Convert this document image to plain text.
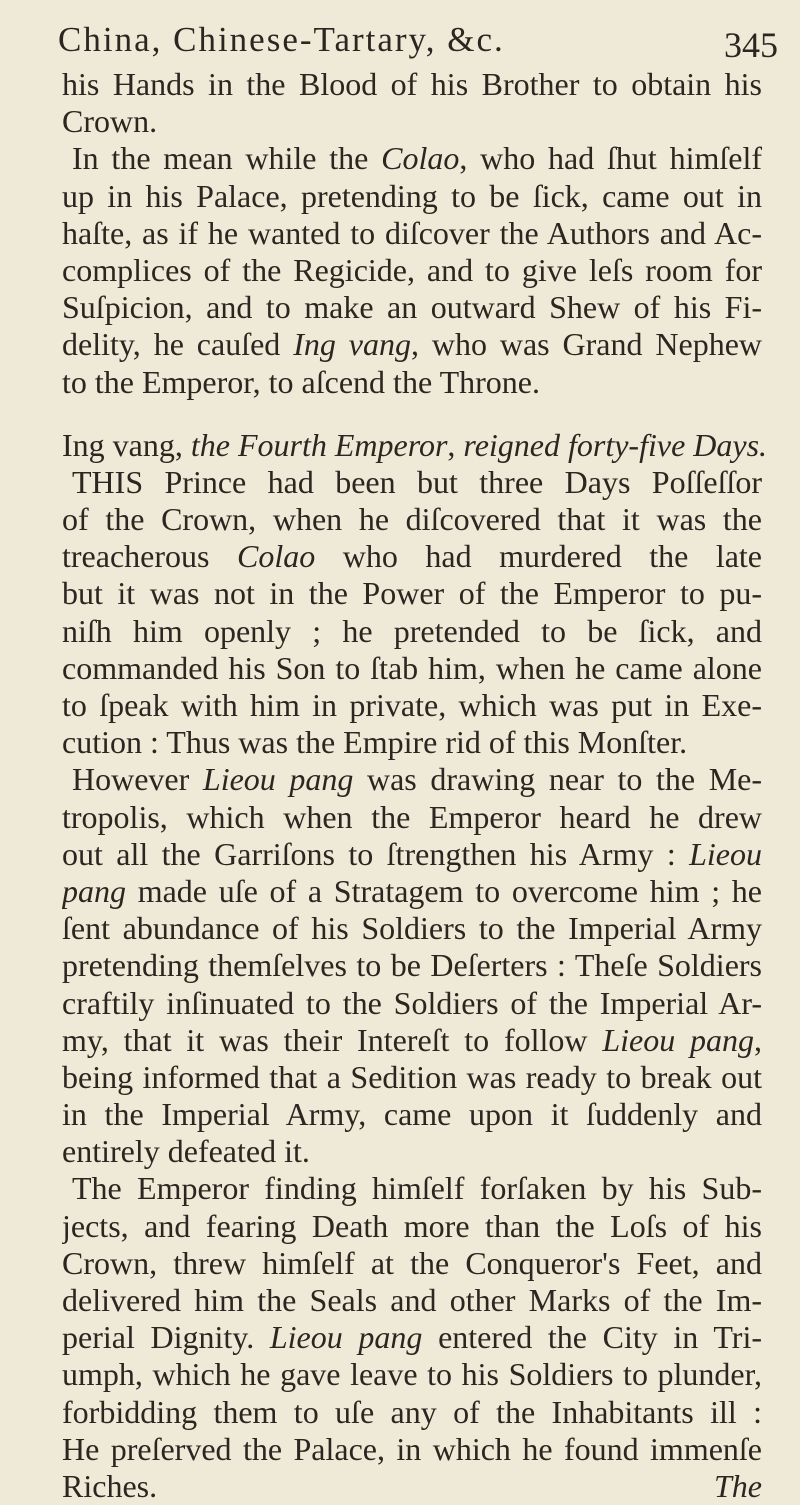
China, Chinese-Tartary, &c.	345
his Hands in the Blood of his Brother to obtain his
Crown.
In the mean while the Colao, who had ſhut himſelf
up in his Palace, pretending to be ſick, came out in
haſte, as if he wanted to diſcover the Authors and Ac-
complices of the Regicide, and to give leſs room for
Suſpicion, and to make an outward Shew of his Fi-
delity, he cauſed Ing vang, who was Grand Nephew
to the Emperor, to aſcend the Throne.
Ing vang, the Fourth Emperor, reigned forty-five Days.
THIS Prince had been but three Days Poſſeſſor
of the Crown, when he diſcovered that it was the
treacherous Colao who had murdered the late
but it was not in the Power of the Emperor to pu-
niſh him openly ; he pretended to be ſick, and
commanded his Son to ſtab him, when he came alone
to ſpeak with him in private, which was put in Exe-
cution : Thus was the Empire rid of this Monſter.
However Lieou pang was drawing near to the Me-
tropolis, which when the Emperor heard he drew
out all the Garriſons to ſtrengthen his Army : Lieou
pang made uſe of a Stratagem to overcome him ; he
ſent abundance of his Soldiers to the Imperial Army
pretending themſelves to be Deſerters : Theſe Soldiers
craftily inſinuated to the Soldiers of the Imperial Ar-
my, that it was their Intereſt to follow Lieou pang,
being informed that a Sedition was ready to break out
in the Imperial Army, came upon it ſuddenly and
entirely defeated it.
The Emperor finding himſelf forſaken by his Sub-
jects, and fearing Death more than the Loſs of his
Crown, threw himſelf at the Conqueror's Feet, and
delivered him the Seals and other Marks of the Im-
perial Dignity. Lieou pang entered the City in Tri-
umph, which he gave leave to his Soldiers to plunder,
forbidding them to uſe any of the Inhabitants ill :
He preſerved the Palace, in which he found immenſe
Riches.	The
